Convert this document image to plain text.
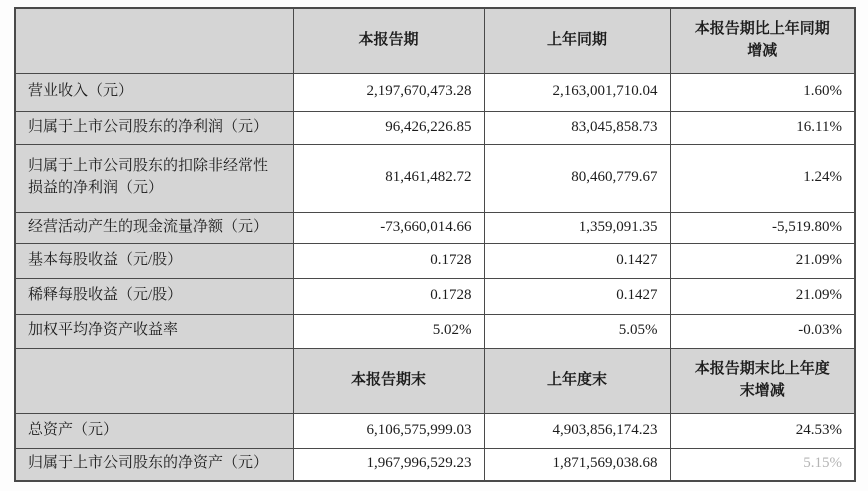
	本报告期	上年同期	本报告期比上年同期增减
营业收入（元）	2,197,670,473.28	2,163,001,710.04	1.60%
归属于上市公司股东的净利润（元）	96,426,226.85	83,045,858.73	16.11%
归属于上市公司股东的扣除非经常性损益的净利润（元）	81,461,482.72	80,460,779.67	1.24%
经营活动产生的现金流量净额（元）	-73,660,014.66	1,359,091.35	-5,519.80%
基本每股收益（元/股）	0.1728	0.1427	21.09%
稀释每股收益（元/股）	0.1728	0.1427	21.09%
加权平均净资产收益率	5.02%	5.05%	-0.03%
	本报告期末	上年度末	本报告期末比上年度末增减
总资产（元）	6,106,575,999.03	4,903,856,174.23	24.53%
归属于上市公司股东的净资产（元）	1,967,996,529.23	1,871,569,038.68	5.15%
